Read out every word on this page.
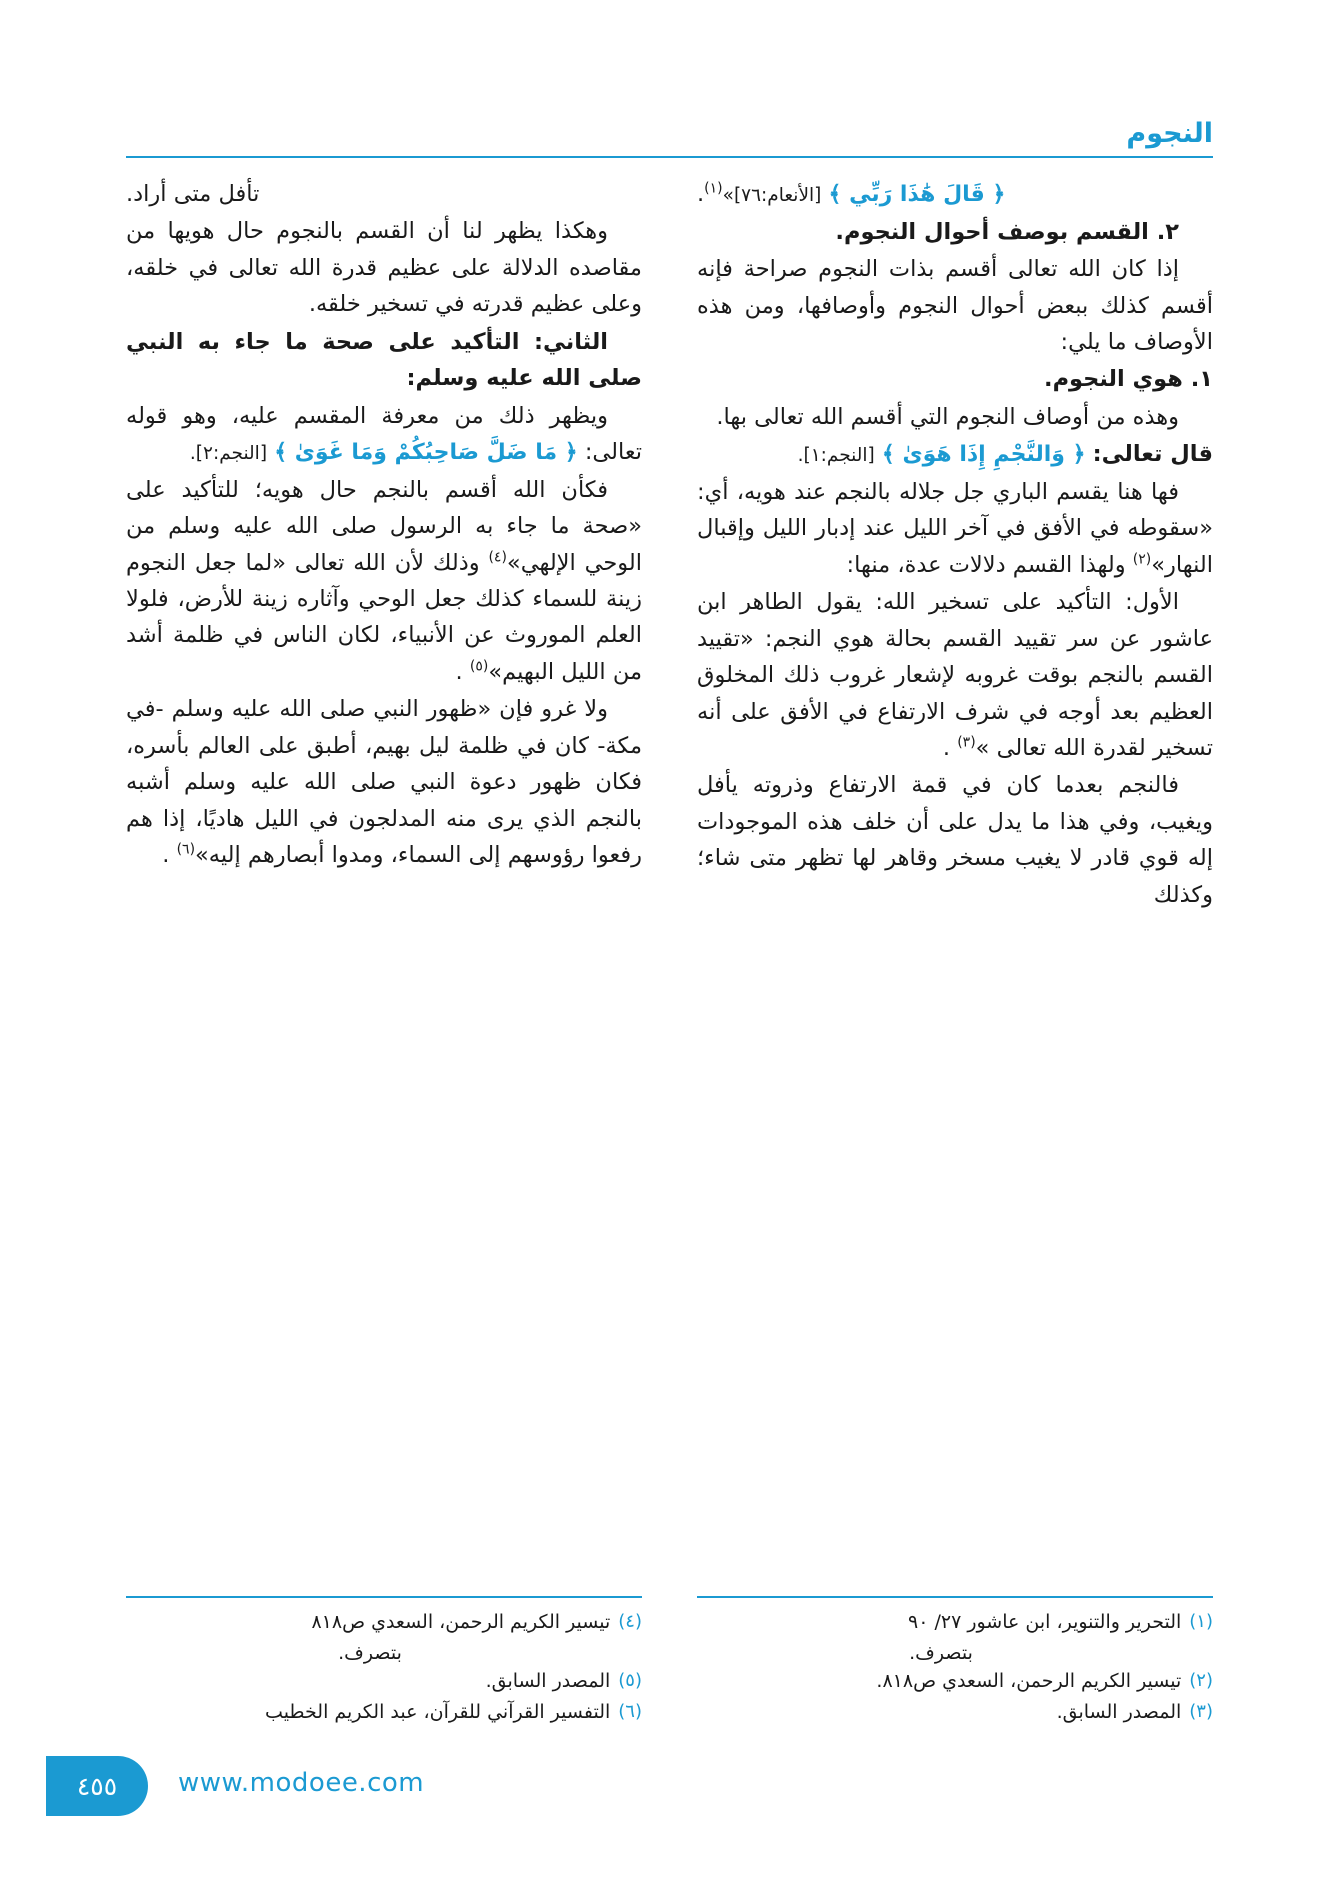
النجوم

﴿ قَالَ هَٰذَا رَبِّي ﴾ [الأنعام:٧٦]»$^{(١)}$.

٢. القسم بوصف أحوال النجوم.

إذا كان الله تعالى أقسم بذات النجوم صراحة فإنه أقسم كذلك ببعض أحوال النجوم وأوصافها، ومن هذه الأوصاف ما يلي:

١. هوي النجوم.

وهذه من أوصاف النجوم التي أقسم الله تعالى بها.

قال تعالى: ﴿ وَالنَّجْمِ إِذَا هَوَىٰ ﴾ [النجم:١].

فها هنا يقسم الباري جل جلاله بالنجم عند هويه، أي: «سقوطه في الأفق في آخر الليل عند إدبار الليل وإقبال النهار»$^{(٢)}$ ولهذا القسم دلالات عدة، منها:

الأول: التأكيد على تسخير الله: يقول الطاهر ابن عاشور عن سر تقييد القسم بحالة هوي النجم: «تقييد القسم بالنجم بوقت غروبه لإشعار غروب ذلك المخلوق العظيم بعد أوجه في شرف الارتفاع في الأفق على أنه تسخير لقدرة الله تعالى »$^{(٣)}$ .

فالنجم بعدما كان في قمة الارتفاع وذروته يأفل ويغيب، وفي هذا ما يدل على أن خلف هذه الموجودات إله قوي قادر لا يغيب مسخر وقاهر لها تظهر متى شاء؛ وكذلك

تأفل متى أراد.

وهكذا يظهر لنا أن القسم بالنجوم حال هويها من مقاصده الدلالة على عظيم قدرة الله تعالى في خلقه، وعلى عظيم قدرته في تسخير خلقه.

الثاني: التأكيد على صحة ما جاء به النبي صلى الله عليه وسلم:

ويظهر ذلك من معرفة المقسم عليه، وهو قوله تعالى: ﴿ مَا ضَلَّ صَاحِبُكُمْ وَمَا غَوَىٰ ﴾ [النجم:٢].

فكأن الله أقسم بالنجم حال هويه؛ للتأكيد على «صحة ما جاء به الرسول صلى الله عليه وسلم من الوحي الإلهي»$^{(٤)}$ وذلك لأن الله تعالى «لما جعل النجوم زينة للسماء كذلك جعل الوحي وآثاره زينة للأرض، فلولا العلم الموروث عن الأنبياء، لكان الناس في ظلمة أشد من الليل البهيم»$^{(٥)}$ .

ولا غرو فإن «ظهور النبي صلى الله عليه وسلم -في مكة- كان في ظلمة ليل بهيم، أطبق على العالم بأسره، فكان ظهور دعوة النبي صلى الله عليه وسلم أشبه بالنجم الذي يرى منه المدلجون في الليل هاديًا، إذا هم رفعوا رؤوسهم إلى السماء، ومدوا أبصارهم إليه»$^{(٦)}$ .

(١)
التحرير والتنوير، ابن عاشور ٢٧/ ٩٠
بتصرف.
(٢)
تيسير الكريم الرحمن، السعدي ص٨١٨.
(٣)
المصدر السابق.
(٤)
تيسير الكريم الرحمن، السعدي ص٨١٨
بتصرف.
(٥)
المصدر السابق.
(٦)
التفسير القرآني للقرآن، عبد الكريم الخطيب
٤٥٥	www.modoee.com
